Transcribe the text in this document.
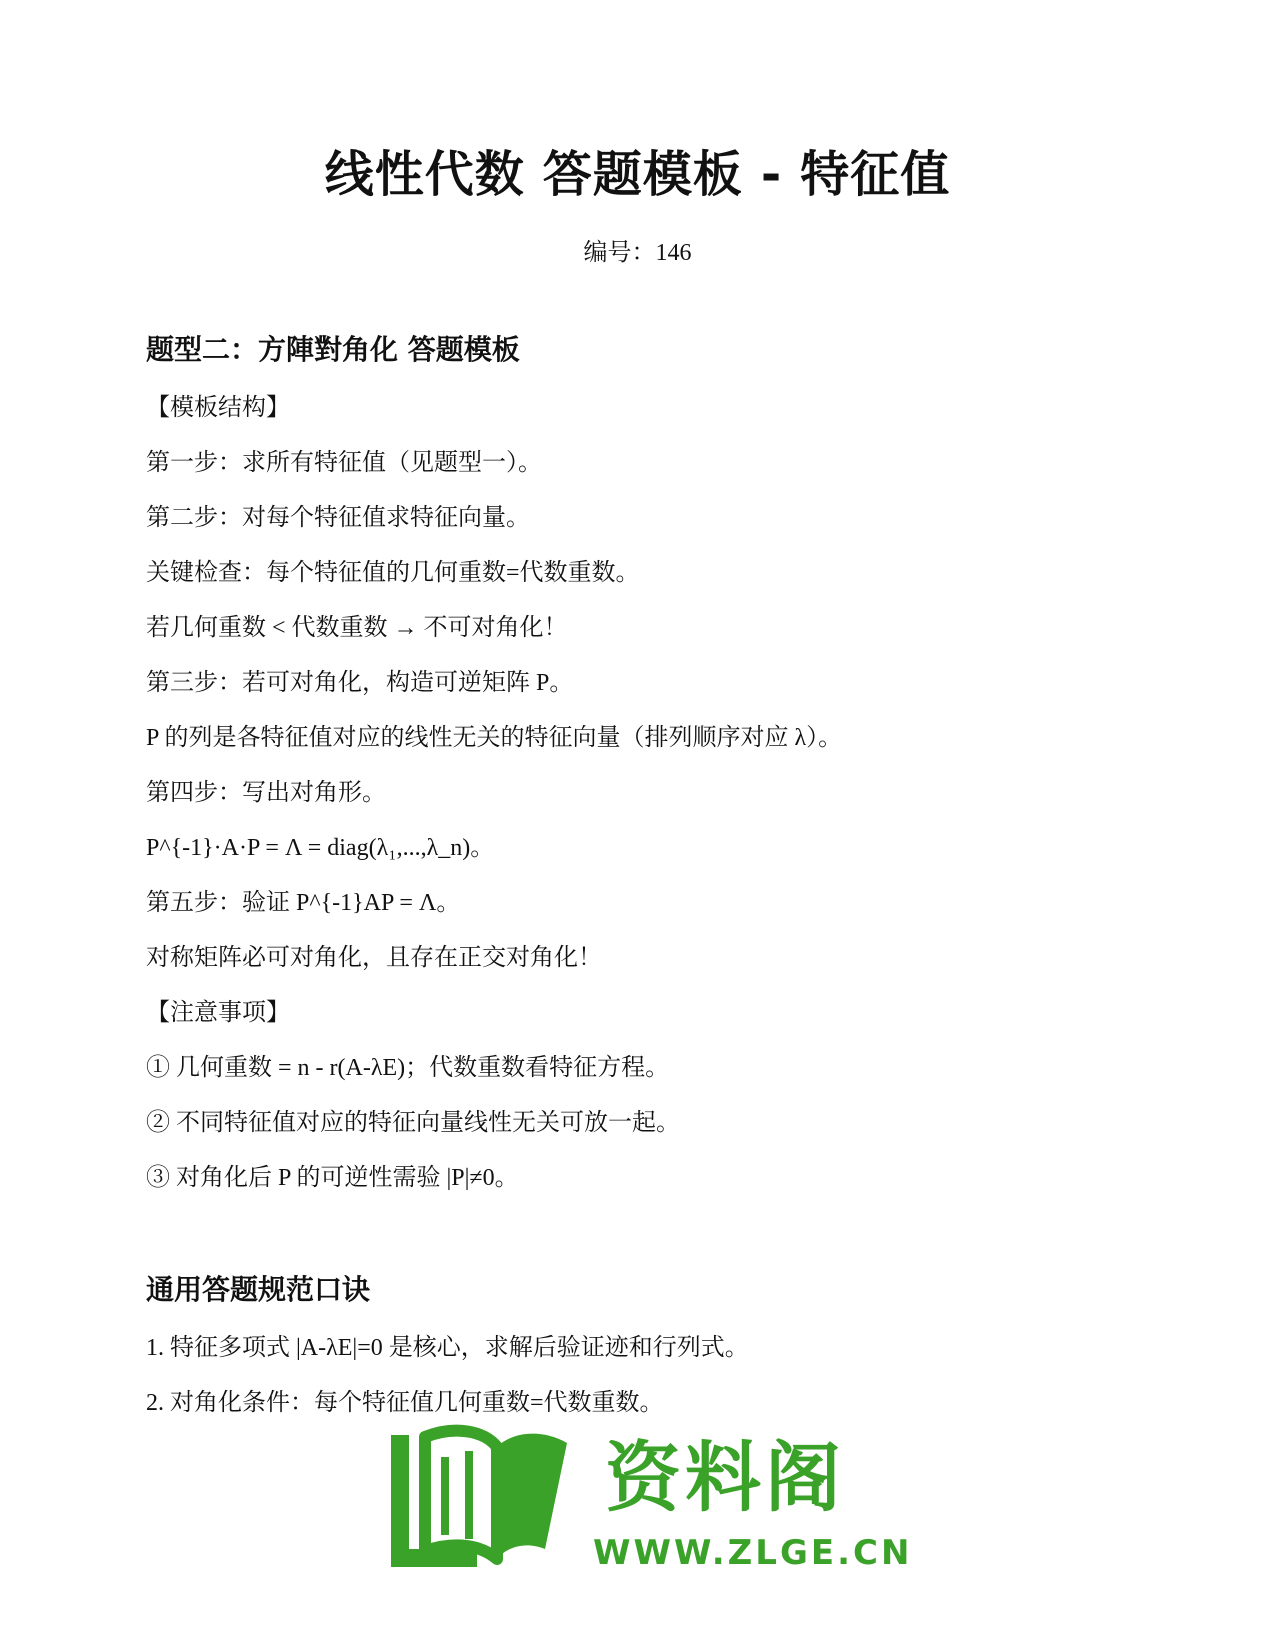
线性代数 答题模板 - 特征值
编号：146
题型二：方陣對角化 答题模板
【模板结构】
第一步：求所有特征值（见题型一）。
第二步：对每个特征值求特征向量。
关键检查：每个特征值的几何重数=代数重数。
若几何重数 < 代数重数 → 不可对角化！
第三步：若可对角化，构造可逆矩阵 P。
P 的列是各特征值对应的线性无关的特征向量（排列顺序对应 λ）。
第四步：写出对角形。
P^{-1}·A·P = Λ = diag(λ₁,...,λ_n)。
第五步：验证 P^{-1}AP = Λ。
对称矩阵必可对角化，且存在正交对角化！
【注意事项】
① 几何重数 = n - r(A-λE)；代数重数看特征方程。
② 不同特征值对应的特征向量线性无关可放一起。
③ 对角化后 P 的可逆性需验 |P|≠0。
通用答题规范口诀
1. 特征多项式 |A-λE|=0 是核心，求解后验证迹和行列式。
2. 对角化条件：每个特征值几何重数=代数重数。
资料阁
WWW.ZLGE.CN
